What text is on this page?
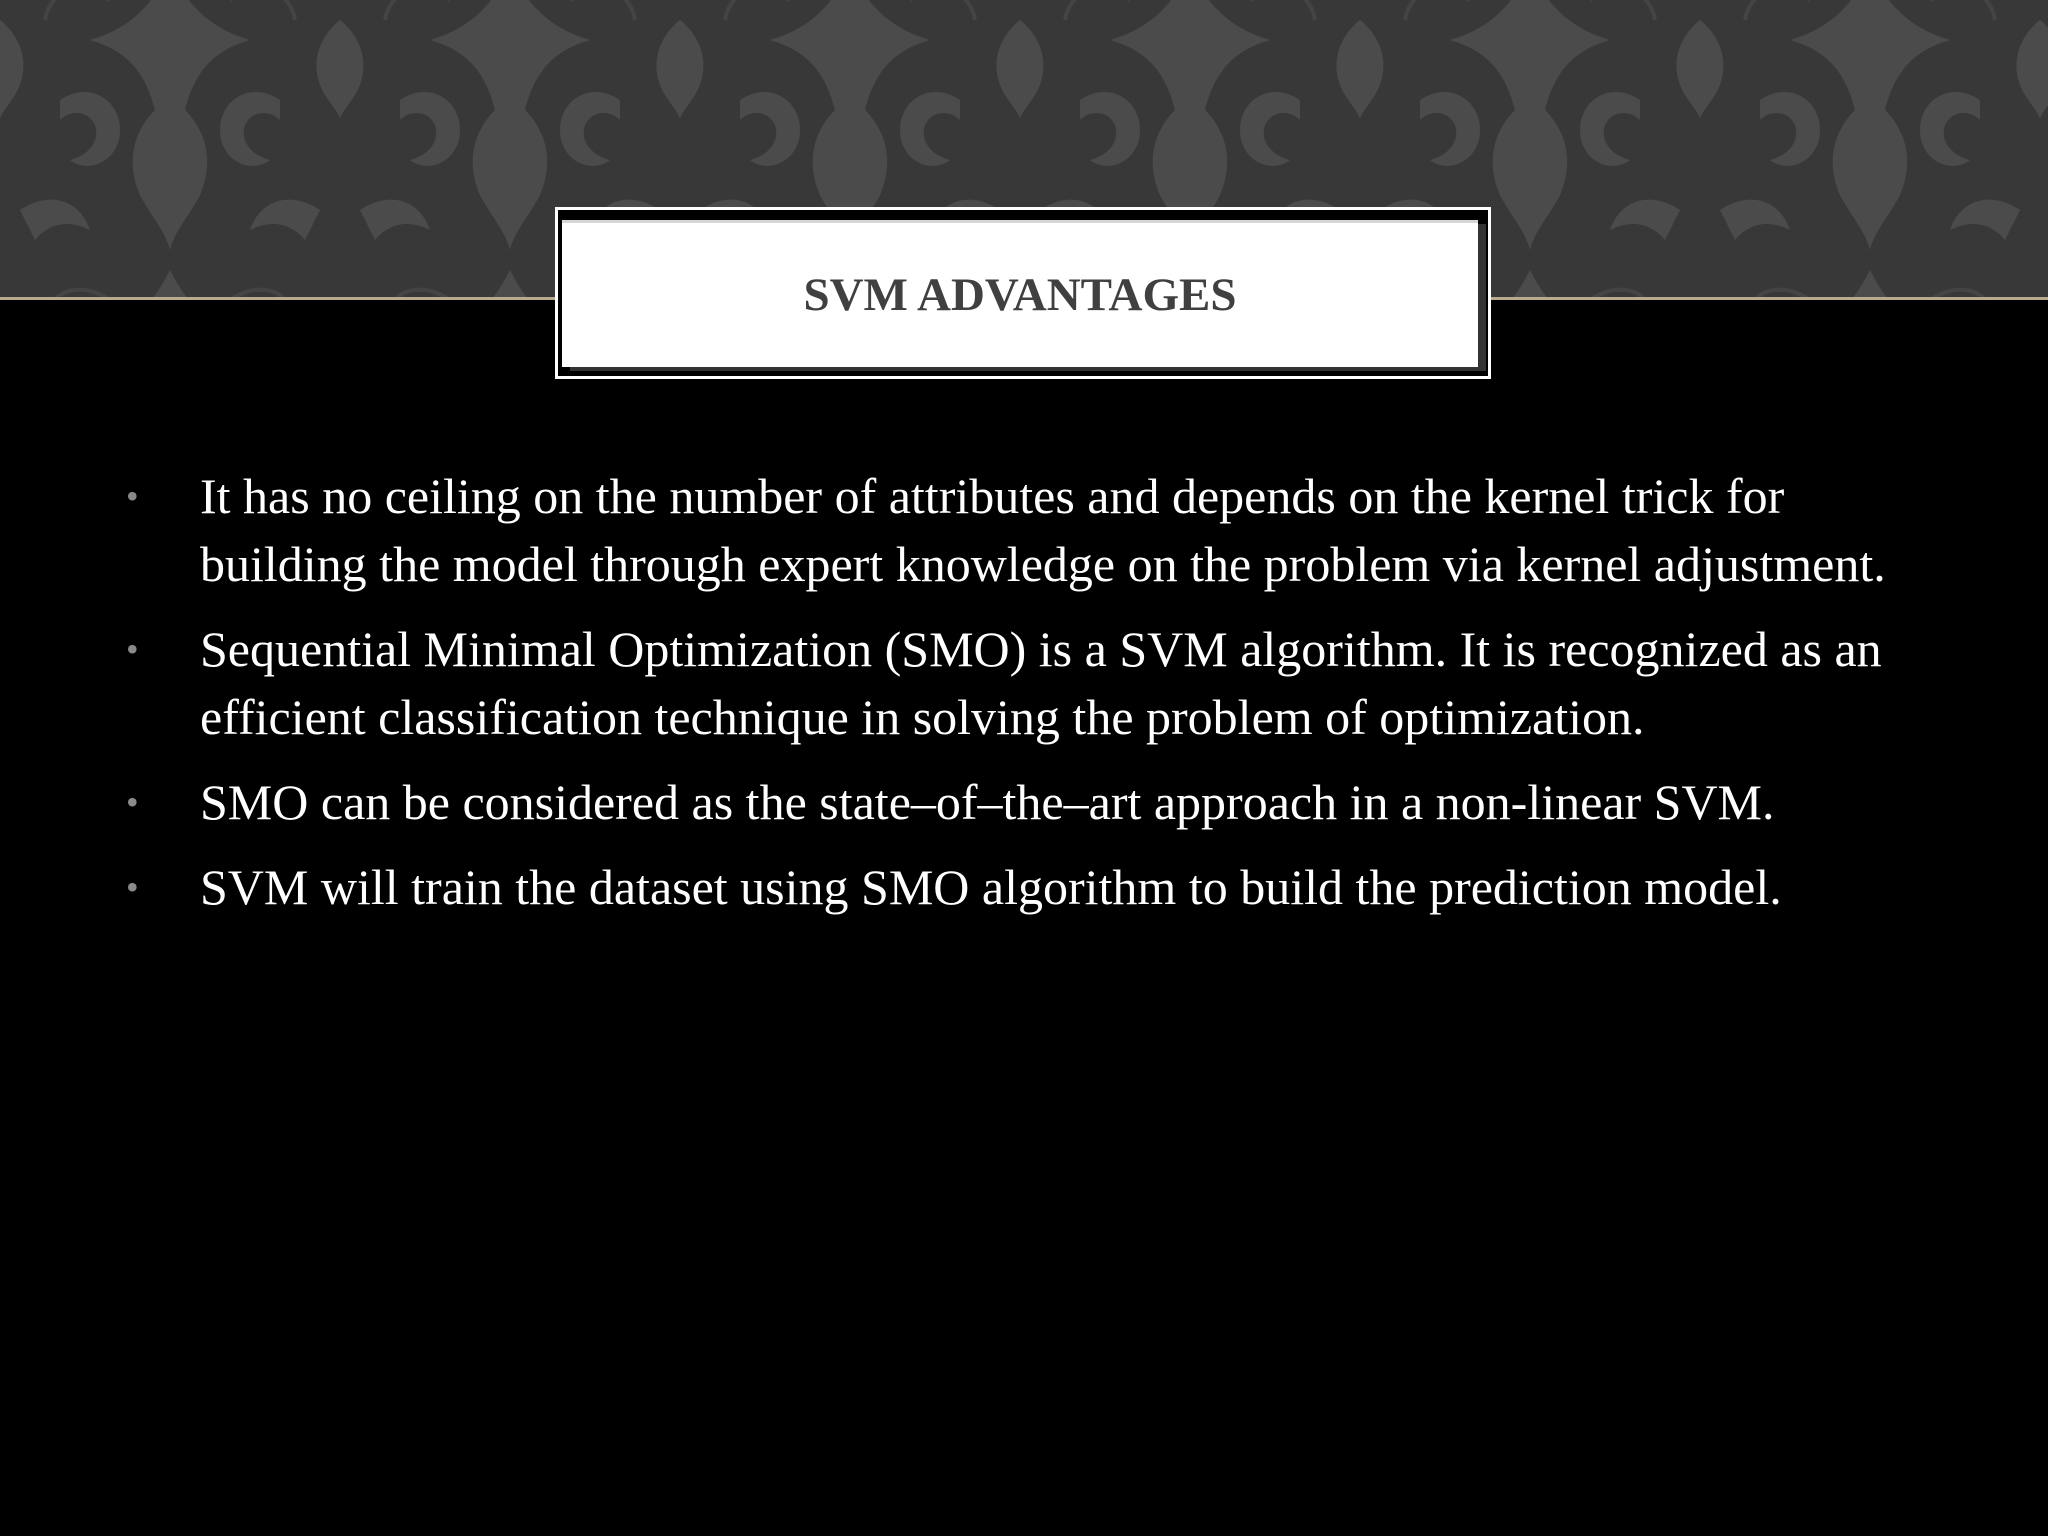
SVM ADVANTAGES
• It has no ceiling on the number of attributes and depends on the kernel trick for building the model through expert knowledge on the problem via kernel adjustment.
• Sequential Minimal Optimization (SMO) is a SVM algorithm. It is recognized as an efficient classification technique in solving the problem of optimization.
• SMO can be considered as the state–of–the–art approach in a non-linear SVM.
• SVM will train the dataset using SMO algorithm to build the prediction model.
